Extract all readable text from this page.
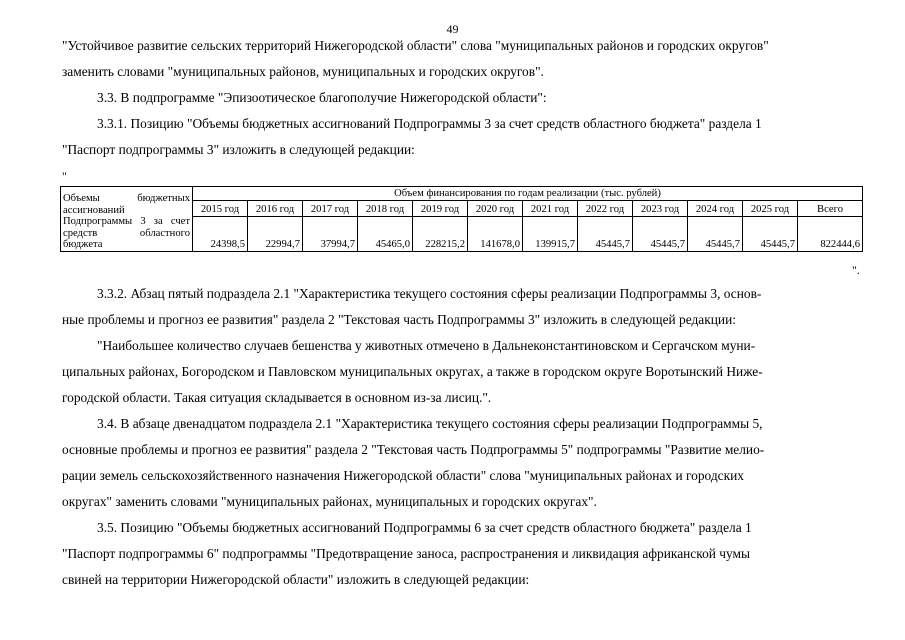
49

"Устойчивое развитие сельских территорий Нижегородской области" слова "муниципальных районов и городских округов"

заменить словами "муниципальных районов, муниципальных и городских округов".

3.3. В подпрограмме "Эпизоотическое благополучие Нижегородской области":

3.3.1. Позицию "Объемы бюджетных ассигнований Подпрограммы 3 за счет средств областного бюджета" раздела 1

"Паспорт подпрограммы 3" изложить в следующей редакции:

"
Объемы бюджетных ассигнований Подпрограммы 3 за счет средств областного бюджета	Объем финансирования по годам реализации (тыс. рублей)											
	2015 год	2016 год	2017 год	2018 год	2019 год	2020 год	2021 год	2022 год	2023 год	2024 год	2025 год	Всего
	24398,5	22994,7	37994,7	45465,0	228215,2	141678,0	139915,7	45445,7	45445,7	45445,7	45445,7	822444,6
".

3.3.2. Абзац пятый подраздела 2.1 "Характеристика текущего состояния сферы реализации Подпрограммы 3, основ-

ные проблемы и прогноз ее развития" раздела 2 "Текстовая часть Подпрограммы 3" изложить в следующей редакции:

"Наибольшее количество случаев бешенства у животных отмечено в Дальнеконстантиновском и Сергачском муни-

ципальных районах, Богородском и Павловском муниципальных округах, а также в городском округе Воротынский Ниже-

городской области. Такая ситуация складывается в основном из-за лисиц.".

3.4. В абзаце двенадцатом подраздела 2.1 "Характеристика текущего состояния сферы реализации Подпрограммы 5,

основные проблемы и прогноз ее развития" раздела 2 "Текстовая часть Подпрограммы 5" подпрограммы "Развитие мелио-

рации земель сельскохозяйственного назначения Нижегородской области" слова "муниципальных районах и городских

округах" заменить словами "муниципальных районах, муниципальных и городских округах".

3.5. Позицию "Объемы бюджетных ассигнований Подпрограммы 6 за счет средств областного бюджета" раздела 1

"Паспорт подпрограммы 6" подпрограммы "Предотвращение заноса, распространения и ликвидация африканской чумы

свиней на территории Нижегородской области" изложить в следующей редакции:
